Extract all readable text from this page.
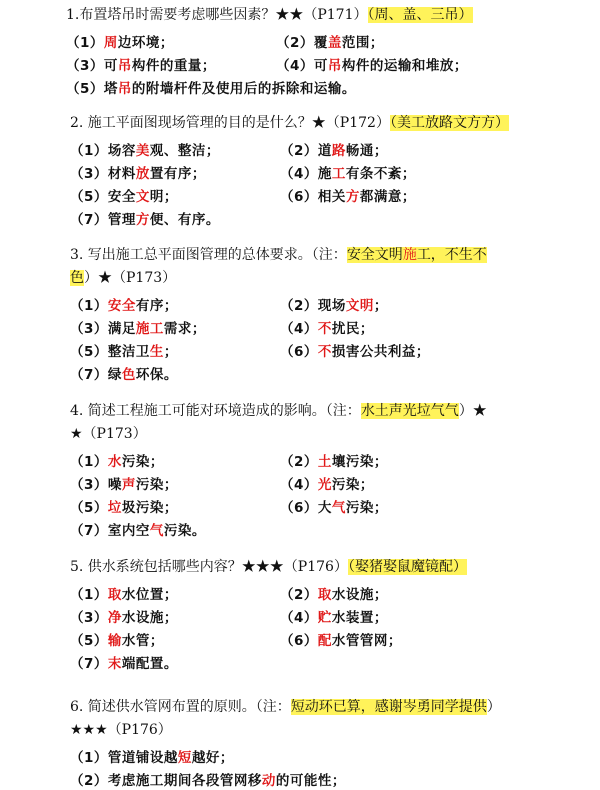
1.布置塔吊时需要考虑哪些因素？★★（P171）（周、盖、三吊）
（1）周边环境；	（2）覆盖范围；
（3）可吊构件的重量；	（4）可吊构件的运输和堆放；
（5）塔吊的附墙杆件及使用后的拆除和运输。
2. 施工平面图现场管理的目的是什么？★（P172）（美工放路文方方）
（1）场容美观、整洁；	（2）道路畅通；
（3）材料放置有序；	（4）施工有条不紊；
（5）安全文明；	（6）相关方都满意；
（7）管理方便、有序。
3. 写出施工总平面图管理的总体要求。（注：安全文明施工，不生不
色）★（P173）
（1）安全有序；	（2）现场文明；
（3）满足施工需求；	（4）不扰民；
（5）整洁卫生；	（6）不损害公共利益；
（7）绿色环保。
4. 简述工程施工可能对环境造成的影响。（注：水土声光垃气气）★
★（P173）
（1）水污染；	（2）土壤污染；
（3）噪声污染；	（4）光污染；
（5）垃圾污染；	（6）大气污染；
（7）室内空气污染。
5. 供水系统包括哪些内容？★★★（P176）（娶猪娶鼠魔镜配）
（1）取水位置；	（2）取水设施；
（3）净水设施；	（4）贮水装置；
（5）输水管；	（6）配水管管网；
（7）末端配置。
6. 简述供水管网布置的原则。（注：短动环已算，感谢岑勇同学提供）
★★★（P176）
（1）管道铺设越短越好；
（2）考虑施工期间各段管网移动的可能性；
